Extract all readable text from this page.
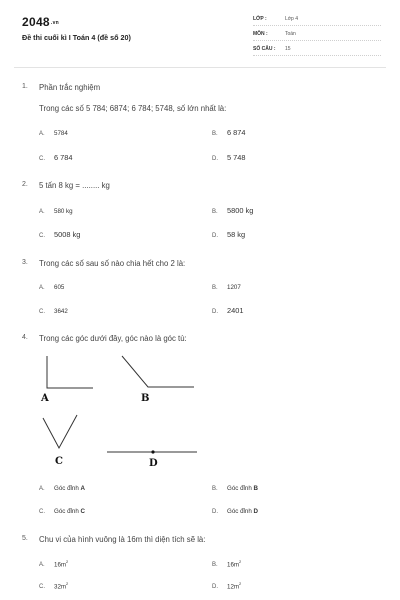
2048.vn
Đề thi cuối kì I Toán 4 (đề số 20)
LỚP :	Lớp 4
MÔN :	Toán
SỐ CÂU : 15
1. Phần trắc nghiệm
Trong các số 5 784; 6874; 6 784; 5748, số lớn nhất là:
A. 5784	B. 6 874
C. 6 784	D. 5 748
2. 5 tấn 8 kg = ........ kg
A. 580 kg	B. 5800 kg
C. 5008 kg	D. 58 kg
3. Trong các số sau số nào chia hết cho 2 là:
A. 605	B. 1207
C. 3642	D. 2401
4. Trong các góc dưới đây, góc nào là góc tù:
A	B
C	D
A. Góc đỉnh A	B. Góc đỉnh B
C. Góc đỉnh C	D. Góc đỉnh D
5. Chu vi của hình vuông là 16m thì diện tích sẽ là:
A. $16m^2$
B. $16m^2$
C. $32m^2$
D. $12m^2$
